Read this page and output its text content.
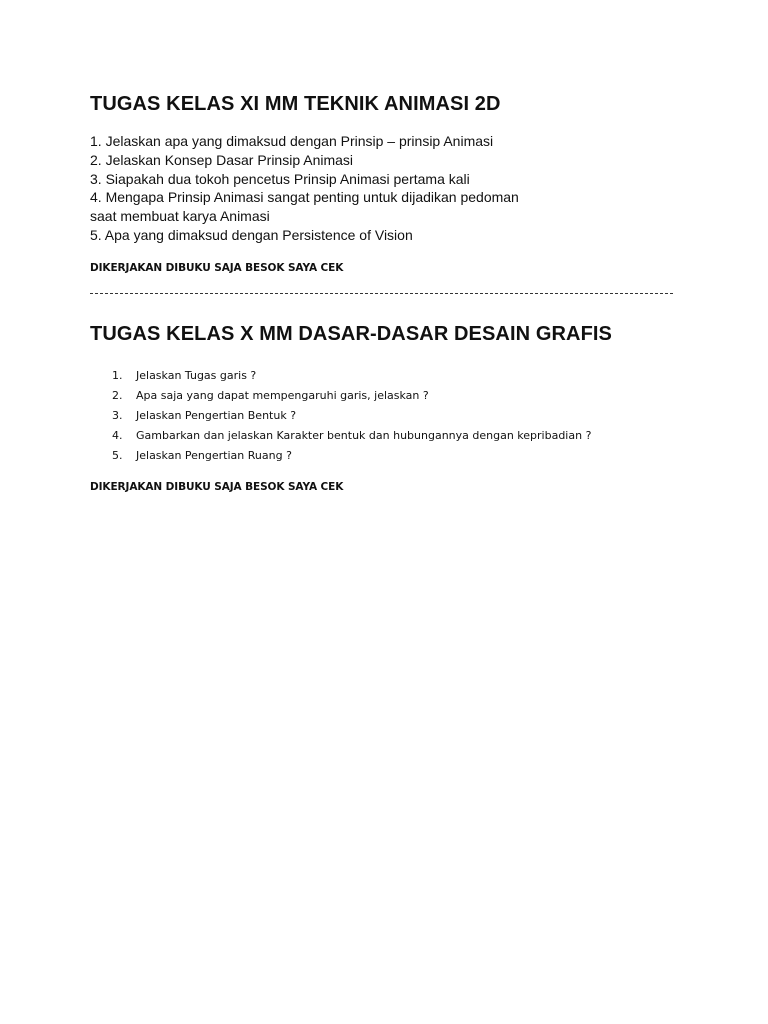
TUGAS KELAS XI MM TEKNIK ANIMASI 2D
1. Jelaskan apa yang dimaksud dengan Prinsip – prinsip Animasi
2. Jelaskan Konsep Dasar Prinsip Animasi
3. Siapakah dua tokoh pencetus Prinsip Animasi pertama kali
4. Mengapa Prinsip Animasi sangat penting untuk dijadikan pedoman
saat membuat karya Animasi
5. Apa yang dimaksud dengan Persistence of Vision
DIKERJAKAN DIBUKU SAJA BESOK SAYA CEK
TUGAS KELAS X MM DASAR-DASAR DESAIN GRAFIS
1. Jelaskan Tugas garis ?
2. Apa saja yang dapat mempengaruhi garis, jelaskan ?
3. Jelaskan Pengertian Bentuk ?
4. Gambarkan dan jelaskan Karakter bentuk dan hubungannya dengan kepribadian ?
5. Jelaskan Pengertian Ruang ?
DIKERJAKAN DIBUKU SAJA BESOK SAYA CEK
